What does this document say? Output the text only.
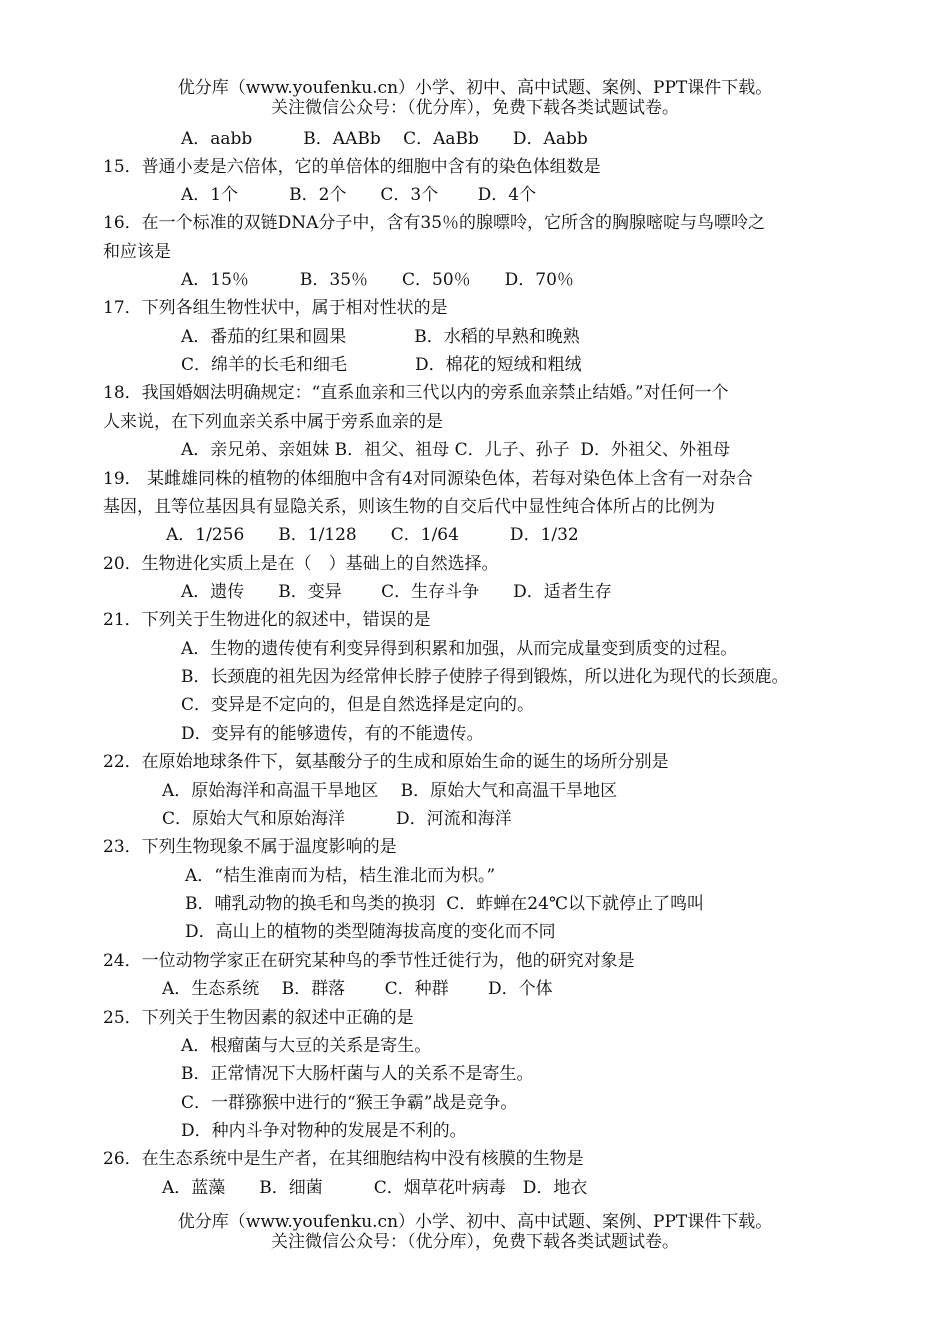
优分库（www.youfenku.cn）小学、初中、高中试题、案例、PPT课件下载。
关注微信公众号：（优分库），免费下载各类试题试卷。
A．aabb　　　B．AABb　 C．AaBb　　D．Aabb
15．普通小麦是六倍体，它的单倍体的细胞中含有的染色体组数是
A．1个　　　B．2个　　C．3个　　 D．4个
16．在一个标准的双链DNA分子中，含有35％的腺嘌呤，它所含的胸腺嘧啶与鸟嘌呤之
和应该是
A．15％　　　B．35％　　C．50％　　D．70％
17．下列各组生物性状中，属于相对性状的是
A．番茄的红果和圆果　　　　B．水稻的早熟和晚熟
C．绵羊的长毛和细毛　　　　D．棉花的短绒和粗绒
18．我国婚姻法明确规定：“直系血亲和三代以内的旁系血亲禁止结婚。”对任何一个
人来说，在下列血亲关系中属于旁系血亲的是
A．亲兄弟、亲姐妹 B．祖父、祖母 C．儿子、孙子  D．外祖父、外祖母
19． 某雌雄同株的植物的体细胞中含有4对同源染色体，若每对染色体上含有一对杂合
基因，且等位基因具有显隐关系，则该生物的自交后代中显性纯合体所占的比例为
A．1/256　　B．1/128　　C．1/64　　　D．1/32
20．生物进化实质上是在（　）基础上的自然选择。
A．遗传　　B．变异　　 C．生存斗争　　D．适者生存
21．下列关于生物进化的叙述中，错误的是
A．生物的遗传使有利变异得到积累和加强，从而完成量变到质变的过程。
B．长颈鹿的祖先因为经常伸长脖子使脖子得到锻炼，所以进化为现代的长颈鹿。
C．变异是不定向的，但是自然选择是定向的。
D．变异有的能够遗传，有的不能遗传。
22．在原始地球条件下，氨基酸分子的生成和原始生命的诞生的场所分别是
A．原始海洋和高温干旱地区　 B．原始大气和高温干旱地区
C．原始大气和原始海洋　　　D．河流和海洋
23．下列生物现象不属于温度影响的是
A．“桔生淮南而为桔，桔生淮北而为枳。”
B．哺乳动物的换毛和鸟类的换羽  C．蚱蝉在24℃以下就停止了鸣叫
D．高山上的植物的类型随海拔高度的变化而不同
24．一位动物学家正在研究某种鸟的季节性迁徙行为，他的研究对象是
A．生态系统　 B．群落　　 C．种群　　 D．个体
25．下列关于生物因素的叙述中正确的是
A．根瘤菌与大豆的关系是寄生。
B．正常情况下大肠杆菌与人的关系不是寄生。
C．一群猕猴中进行的“猴王争霸”战是竞争。
D．种内斗争对物种的发展是不利的。
26．在生态系统中是生产者，在其细胞结构中没有核膜的生物是
A．蓝藻　　B．细菌　　　C．烟草花叶病毒　D．地衣
优分库（www.youfenku.cn）小学、初中、高中试题、案例、PPT课件下载。
关注微信公众号：（优分库），免费下载各类试题试卷。
